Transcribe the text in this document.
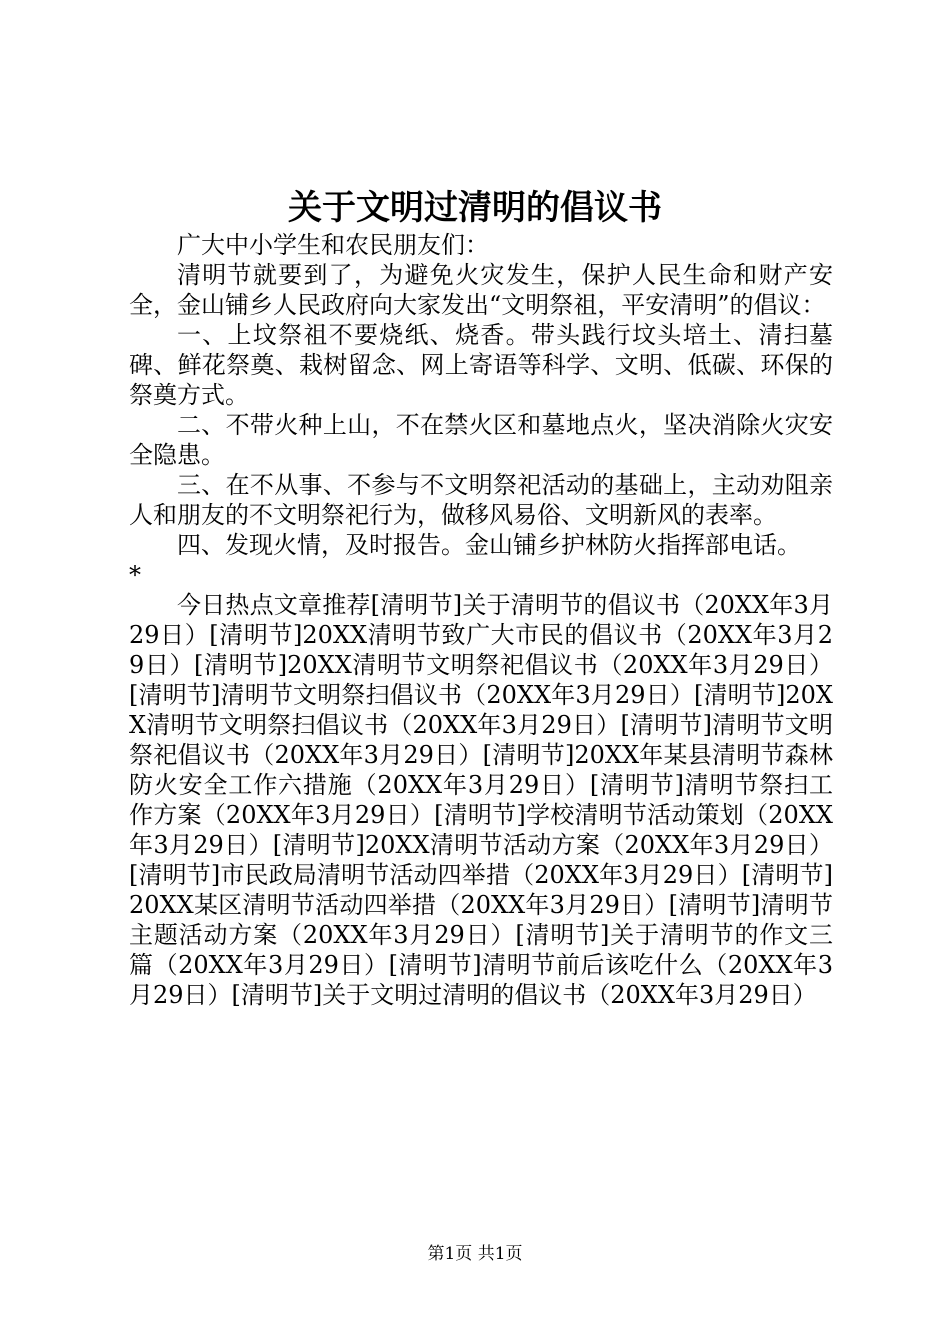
关于文明过清明的倡议书

广大中小学生和农民朋友们：

清明节就要到了，为避免火灾发生，保护人民生命和财产安全，金山铺乡人民政府向大家发出“文明祭祖，平安清明”的倡议：

一、上坟祭祖不要烧纸、烧香。带头践行坟头培土、清扫墓碑、鲜花祭奠、栽树留念、网上寄语等科学、文明、低碳、环保的祭奠方式。

二、不带火种上山，不在禁火区和墓地点火，坚决消除火灾安全隐患。

三、在不从事、不参与不文明祭祀活动的基础上，主动劝阻亲人和朋友的不文明祭祀行为，做移风易俗、文明新风的表率。

四、发现火情，及时报告。金山铺乡护林防火指挥部电话。

*

今日热点文章推荐[清明节]关于清明节的倡议书（20XX年3月29日）[清明节]20XX清明节致广大市民的倡议书（20XX年3月29日）[清明节]20XX清明节文明祭祀倡议书（20XX年3月29日）[清明节]清明节文明祭扫倡议书（20XX年3月29日）[清明节]20XX清明节文明祭扫倡议书（20XX年3月29日）[清明节]清明节文明祭祀倡议书（20XX年3月29日）[清明节]20XX年某县清明节森林防火安全工作六措施（20XX年3月29日）[清明节]清明节祭扫工作方案（20XX年3月29日）[清明节]学校清明节活动策划（20XX年3月29日）[清明节]20XX清明节活动方案（20XX年3月29日）[清明节]市民政局清明节活动四举措（20XX年3月29日）[清明节]20XX某区清明节活动四举措（20XX年3月29日）[清明节]清明节主题活动方案（20XX年3月29日）[清明节]关于清明节的作文三篇（20XX年3月29日）[清明节]清明节前后该吃什么（20XX年3月29日）[清明节]关于文明过清明的倡议书（20XX年3月29日）

第1页 共1页
